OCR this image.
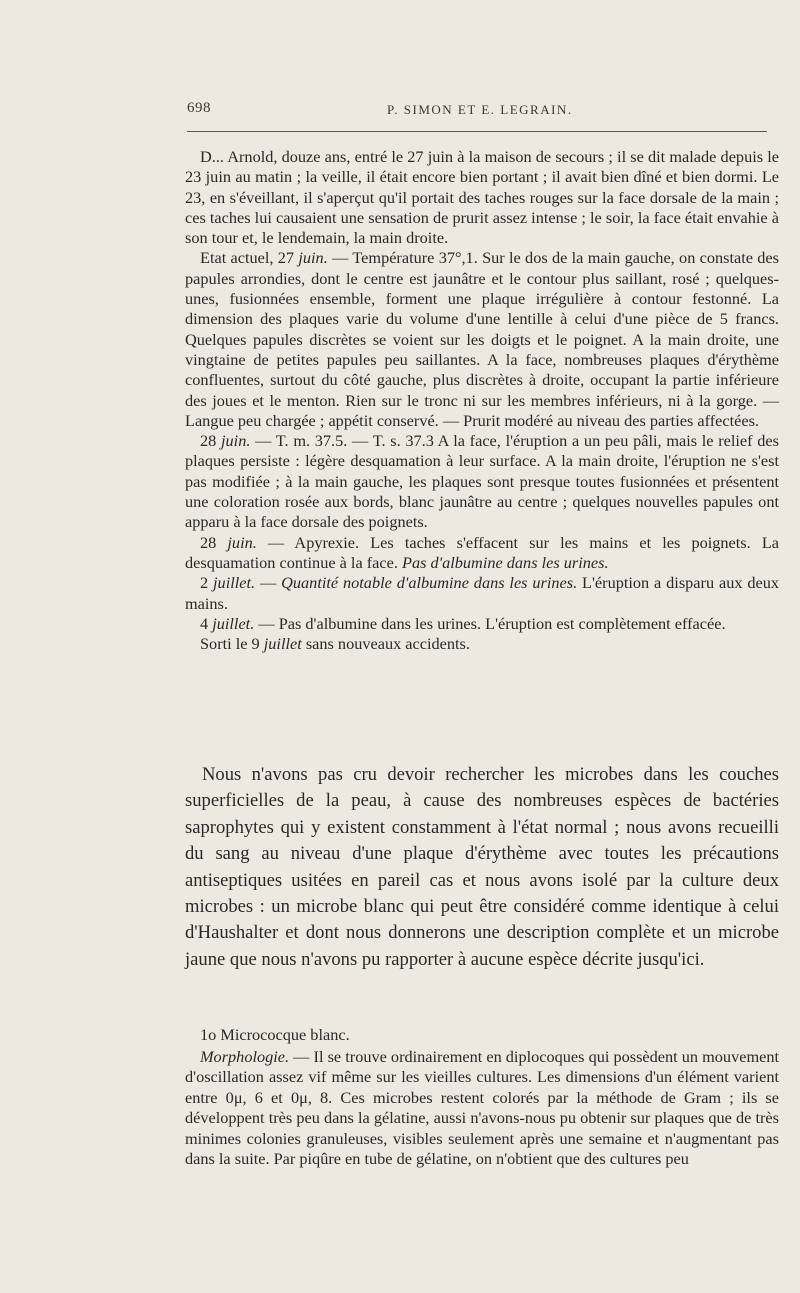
698	P. SIMON ET E. LEGRAIN.

D... Arnold, douze ans, entré le 27 juin à la maison de secours ; il se dit malade depuis le 23 juin au matin ; la veille, il était encore bien portant ; il avait bien dîné et bien dormi. Le 23, en s'éveillant, il s'aperçut qu'il portait des taches rouges sur la face dorsale de la main ; ces taches lui causaient une sensation de prurit assez intense ; le soir, la face était envahie à son tour et, le lendemain, la main droite.

Etat actuel, 27 juin. — Température 37°,1. Sur le dos de la main gauche, on constate des papules arrondies, dont le centre est jaunâtre et le contour plus saillant, rosé ; quelques-unes, fusionnées ensemble, forment une plaque irrégulière à contour festonné. La dimension des plaques varie du volume d'une lentille à celui d'une pièce de 5 francs. Quelques papules discrètes se voient sur les doigts et le poignet. A la main droite, une vingtaine de petites papules peu saillantes. A la face, nombreuses plaques d'érythème confluentes, surtout du côté gauche, plus discrètes à droite, occupant la partie inférieure des joues et le menton. Rien sur le tronc ni sur les membres inférieurs, ni à la gorge. — Langue peu chargée ; appétit conservé. — Prurit modéré au niveau des parties affectées.

28 juin. — T. m. 37.5. — T. s. 37.3 A la face, l'éruption a un peu pâli, mais le relief des plaques persiste : légère desquamation à leur surface. A la main droite, l'éruption ne s'est pas modifiée ; à la main gauche, les plaques sont presque toutes fusionnées et présentent une coloration rosée aux bords, blanc jaunâtre au centre ; quelques nouvelles papules ont apparu à la face dorsale des poignets.

28 juin. — Apyrexie. Les taches s'effacent sur les mains et les poignets. La desquamation continue à la face. Pas d'albumine dans les urines.

2 juillet. — Quantité notable d'albumine dans les urines. L'éruption a disparu aux deux mains.

4 juillet. — Pas d'albumine dans les urines. L'éruption est complètement effacée.

Sorti le 9 juillet sans nouveaux accidents.

Nous n'avons pas cru devoir rechercher les microbes dans les couches superficielles de la peau, à cause des nombreuses espèces de bactéries saprophytes qui y existent constamment à l'état normal ; nous avons recueilli du sang au niveau d'une plaque d'érythème avec toutes les précautions antiseptiques usitées en pareil cas et nous avons isolé par la culture deux microbes : un microbe blanc qui peut être considéré comme identique à celui d'Haushalter et dont nous donnerons une description complète et un microbe jaune que nous n'avons pu rapporter à aucune espèce décrite jusqu'ici.

1o Micrococque blanc.

Morphologie. — Il se trouve ordinairement en diplocoques qui possèdent un mouvement d'oscillation assez vif même sur les vieilles cultures. Les dimensions d'un élément varient entre 0μ, 6 et 0μ, 8. Ces microbes restent colorés par la méthode de Gram ; ils se développent très peu dans la gélatine, aussi n'avons-nous pu obtenir sur plaques que de très minimes colonies granuleuses, visibles seulement après une semaine et n'augmentant pas dans la suite. Par piqûre en tube de gélatine, on n'obtient que des cultures peu
